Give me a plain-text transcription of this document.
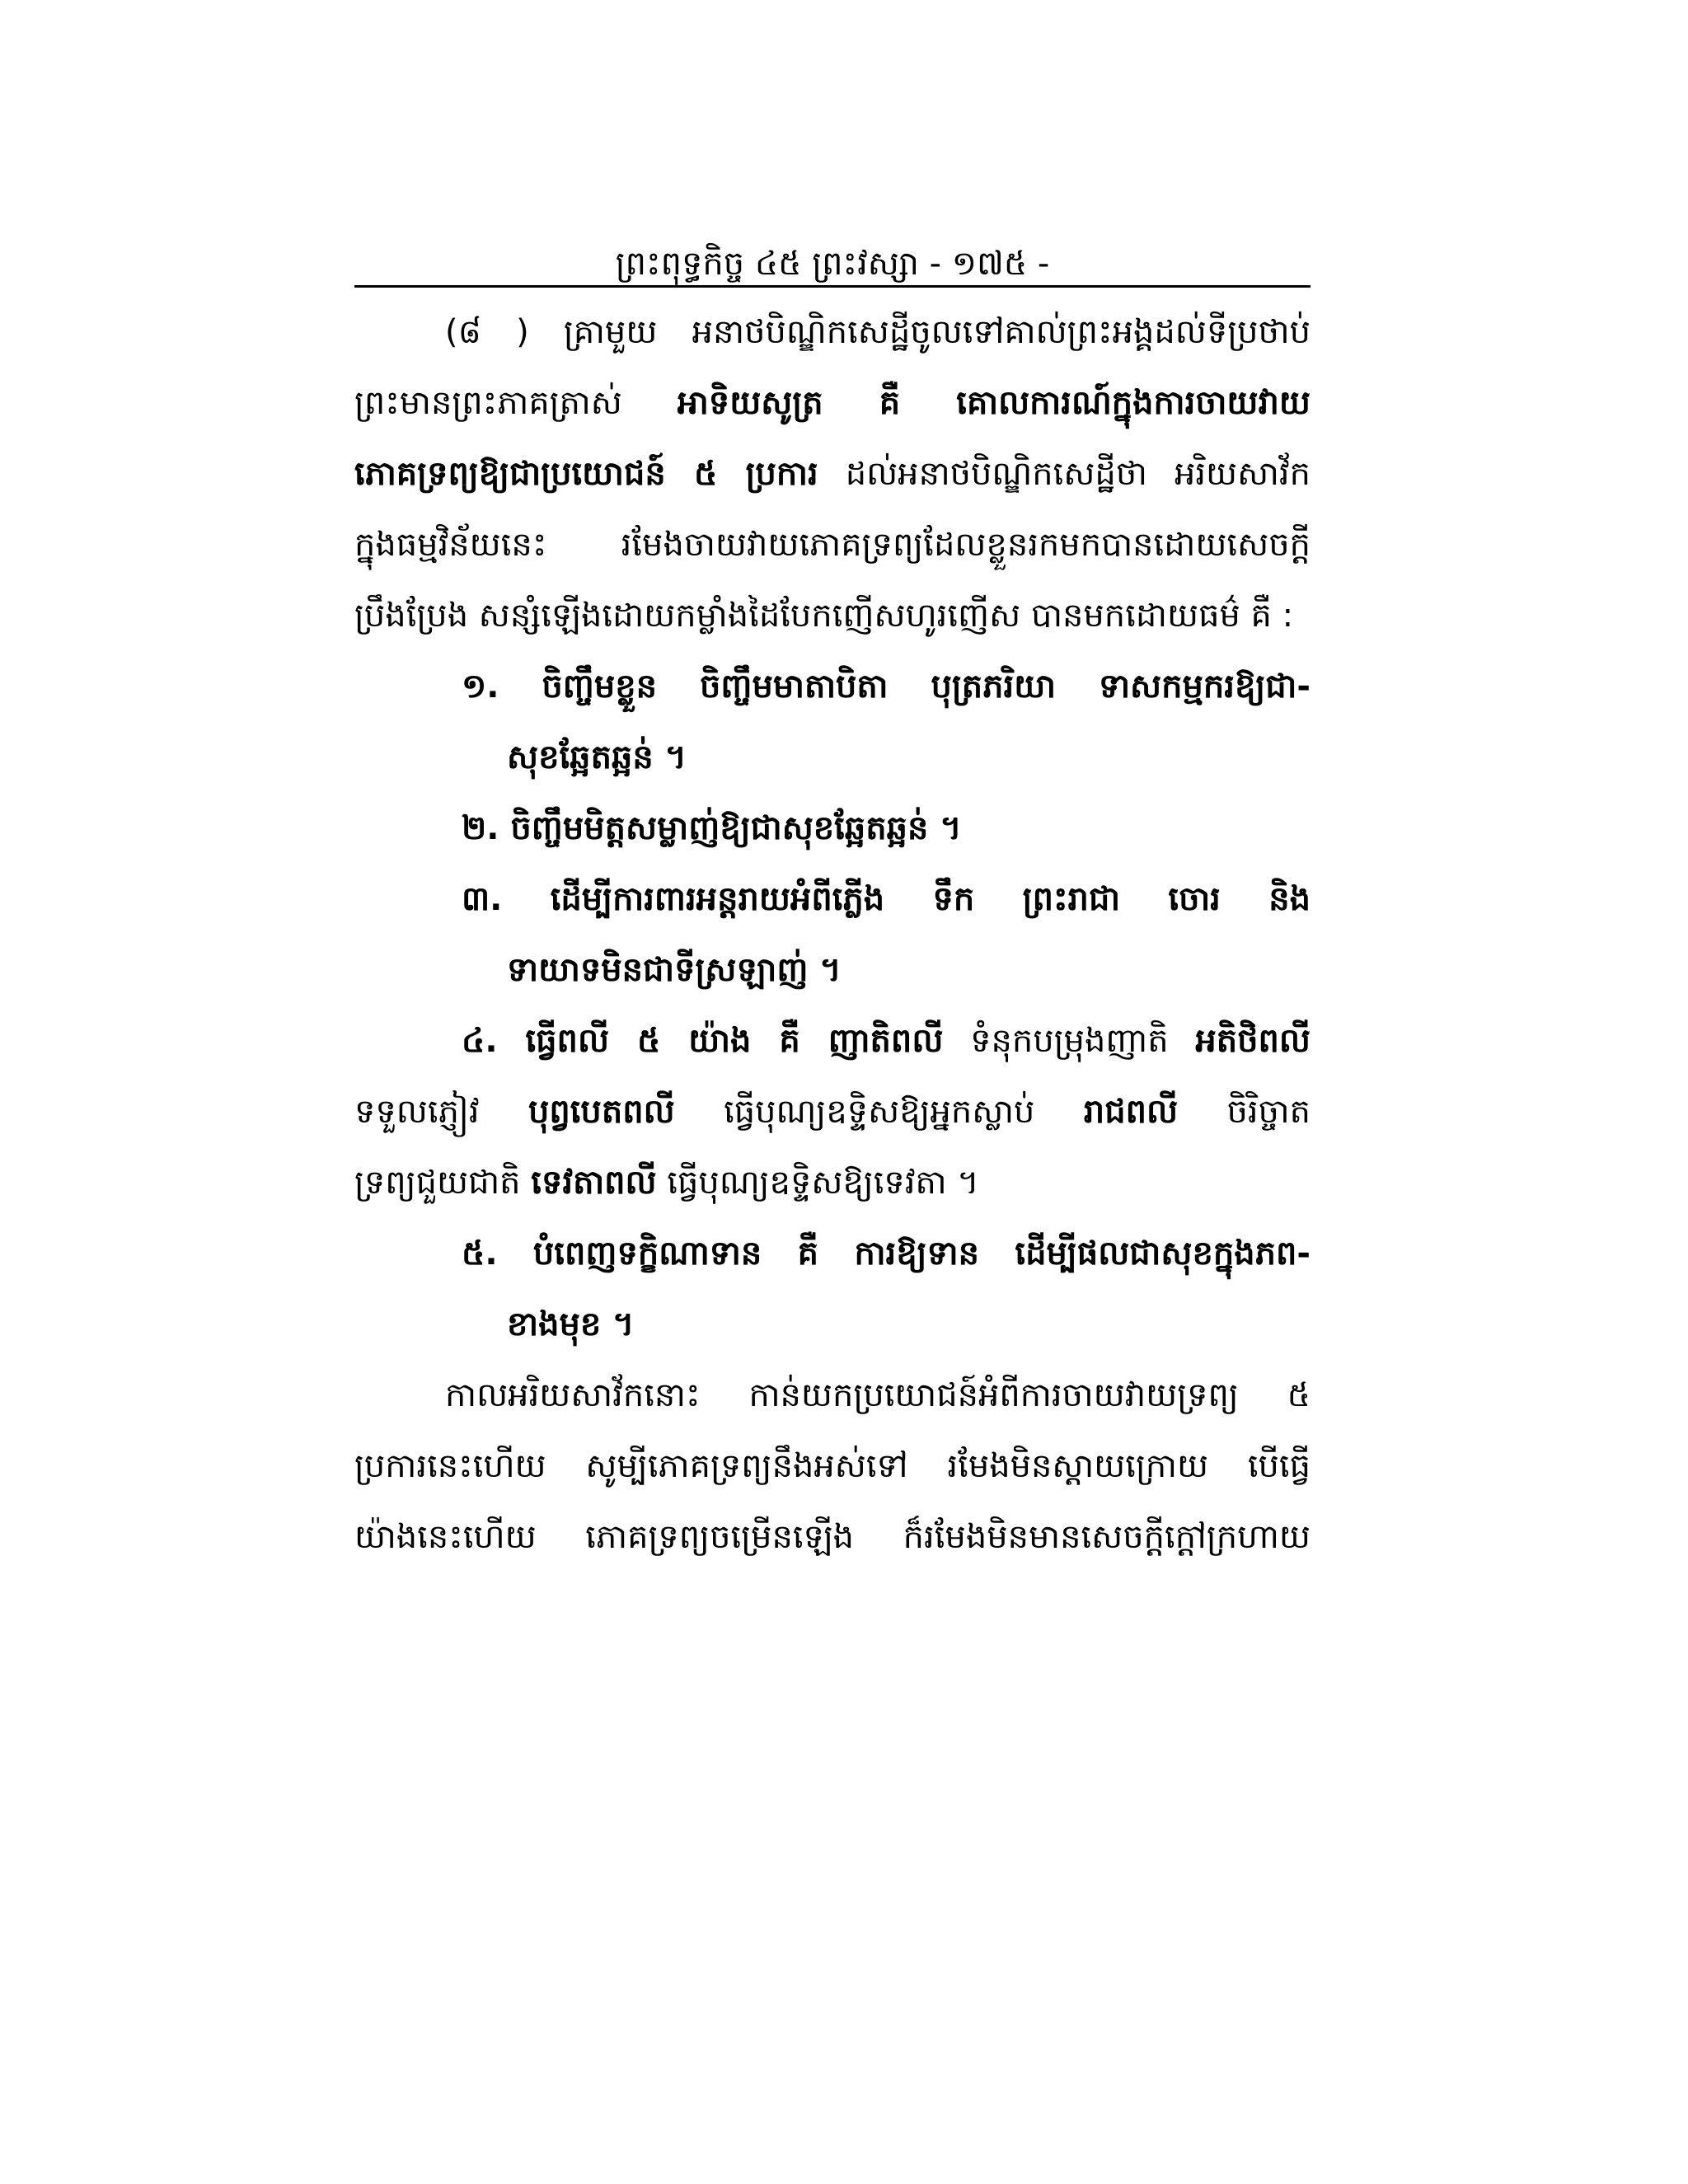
ព្រះពុទ្ធកិច្ច ៤៥ ព្រះវស្សា - ១៧៥ -
(៨ ) គ្រាមួយ អនាថបិណ្ឌិកសេដ្ឋីចូលទៅគាល់ព្រះអង្គដល់ទីប្រថាប់
ព្រះមានព្រះភាគត្រាស់ អាទិយសូត្រ គឺ គោលការណ៍ក្នុងការចាយវាយ
ភោគទ្រព្យឱ្យជាប្រយោជន៍ ៥ ប្រការ ដល់អនាថបិណ្ឌិកសេដ្ឋីថា អរិយសាវ័ក
ក្នុងធម្មវិន័យនេះ រមែងចាយវាយភោគទ្រព្យដែលខ្លួនរកមកបានដោយសេចក្ដី
ប្រឹងប្រែង សន្សំឡើងដោយកម្លាំងដៃបែកញើសហូរញើស បានមកដោយធម៌ គឺ :
១. ចិញ្ចឹមខ្លួន ចិញ្ចឹមមាតាបិតា បុត្រភរិយា ទាសកម្មករឱ្យជា-
សុខឆ្អែតឆ្អន់ ។
២. ចិញ្ចឹមមិត្តសម្លាញ់ឱ្យជាសុខឆ្អែតឆ្អន់ ។
៣. ដើម្បីការពារអន្តរាយអំពីភ្លើង ទឹក ព្រះរាជា ចោរ និង
ទាយាទមិនជាទីស្រឡាញ់ ។
៤. ធ្វើពលី ៥ យ៉ាង គឺ ញាតិពលី ទំនុកបម្រុងញាតិ អតិថិពលី
ទទួលភ្ញៀវ បុព្វបេតពលី ធ្វើបុណ្យឧទ្ទិសឱ្យអ្នកស្លាប់ រាជពលី ចិរិច្ចាត
ទ្រព្យជួយជាតិ ទេវតាពលី ធ្វើបុណ្យឧទ្ទិសឱ្យទេវតា ។
៥. បំពេញទក្ខិណាទាន គឺ ការឱ្យទាន ដើម្បីផលជាសុខក្នុងភព-
ខាងមុខ ។
កាលអរិយសាវ័កនោះ កាន់យកប្រយោជន៍អំពីការចាយវាយទ្រព្យ ៥
ប្រការនេះហើយ សូម្បីភោគទ្រព្យនឹងអស់ទៅ រមែងមិនស្ដាយក្រោយ បើធ្វើ
យ៉ាងនេះហើយ ភោគទ្រព្យចម្រើនឡើង ក៏រមែងមិនមានសេចក្ដីក្ដៅក្រហាយ
